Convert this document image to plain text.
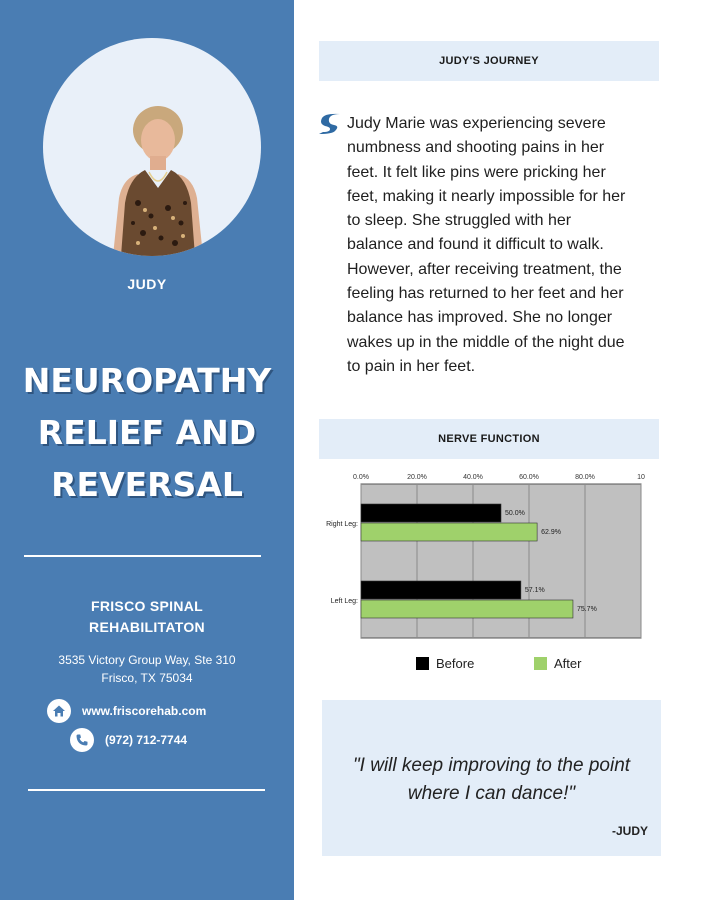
JUDY
NEUROPATHY
RELIEF AND
REVERSAL
FRISCO SPINAL
REHABILITATON
3535 Victory Group Way, Ste 310
Frisco, TX 75034
www.friscorehab.com
(972) 712-7744
JUDY'S JOURNEY
Judy Marie was experiencing severe
numbness and shooting pains in her
feet. It felt like pins were pricking her
feet, making it nearly impossible for her
to sleep. She struggled with her
balance and found it difficult to walk.
However, after receiving treatment, the
feeling has returned to her feet and her
balance has improved. She no longer
wakes up in the middle of the night due
to pain in her feet.
NERVE FUNCTION
0.0%	20.0%	40.0%	60.0%	80.0%	10
Right Leg:
50.0%
62.9%
Left Leg:
57.1%
75.7%
Before	After
"I will keep improving to the point
where I can dance!"
-JUDY
